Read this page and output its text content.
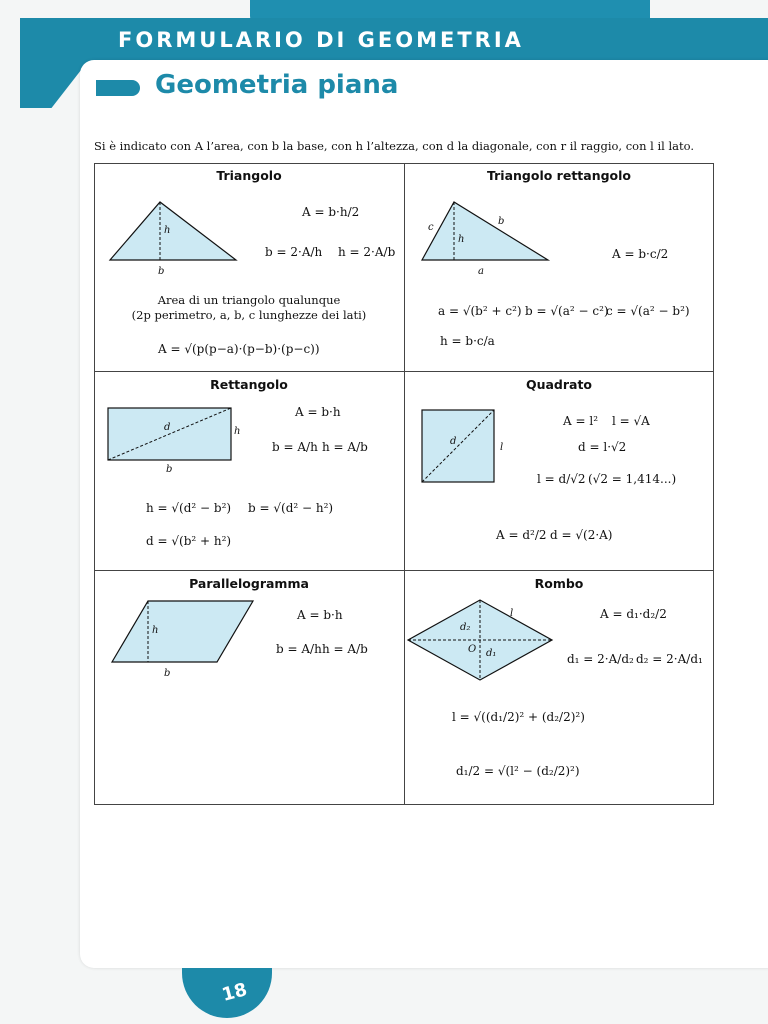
FORMULARIO DI GEOMETRIA
Geometria piana
Si è indicato con A l’area, con b la base, con h l’altezza, con d la diagonale, con r il raggio, con l il lato.
Triangolo
h
b
A = b·h/2
b = 2·A/h h = 2·A/b
Area di un triangolo qualunque
(2p perimetro, a, b, c lunghezze dei lati)
A = √(p(p−a)·(p−b)·(p−c))
Triangolo rettangolo
c
b
h
a
A = b·c/2
a = √(b² + c²) b = √(a² − c²)
c = √(a² − b²)
h = b·c/a
Rettangolo
d	h
b
A = b·h
b = A/h h = A/b
h = √(d² − b²) b = √(d² − h²)
d = √(b² + h²)
Quadrato
d
l
A = l² l = √A
d = l·√2
l = d/√2 (√2 = 1,414...)
A = d²/2 d = √(2·A)
Parallelogramma
h
b
A = b·h
b = A/h h = A/b
Rombo
l
d₂
O d₁
A = d₁·d₂/2
d₁ = 2·A/d₂ d₂ = 2·A/d₁
l = √((d₁/2)² + (d₂/2)²)
d₁/2 = √(l² − (d₂/2)²)
18
